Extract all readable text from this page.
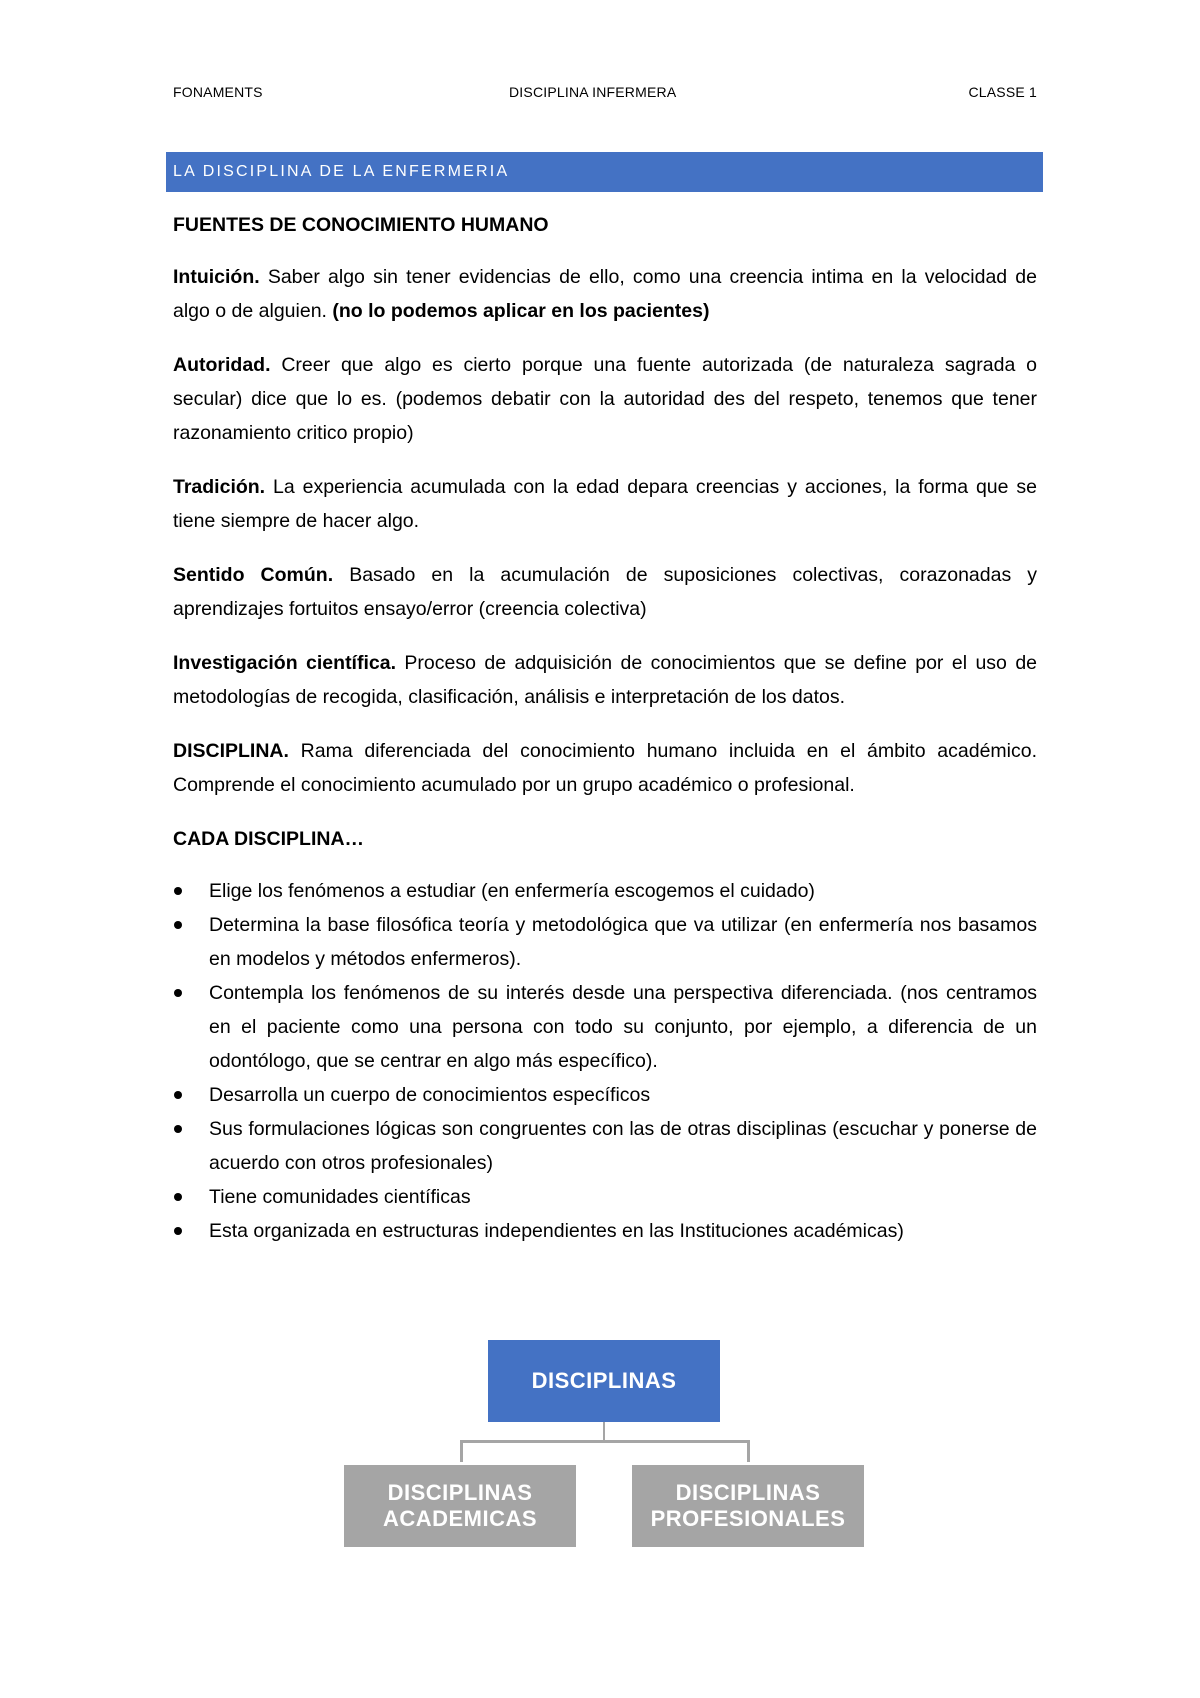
FONAMENTS	DISCIPLINA INFERMERA	CLASSE 1
LA DISCIPLINA DE LA ENFERMERIA

FUENTES DE CONOCIMIENTO HUMANO

Intuición. Saber algo sin tener evidencias de ello, como una creencia intima en la velocidad de algo o de alguien. (no lo podemos aplicar en los pacientes)

Autoridad. Creer que algo es cierto porque una fuente autorizada (de naturaleza sagrada o secular) dice que lo es. (podemos debatir con la autoridad des del respeto, tenemos que tener razonamiento critico propio)

Tradición. La experiencia acumulada con la edad depara creencias y acciones, la forma que se tiene siempre de hacer algo.

Sentido Común. Basado en la acumulación de suposiciones colectivas, corazonadas y aprendizajes fortuitos ensayo/error (creencia colectiva)

Investigación científica. Proceso de adquisición de conocimientos que se define por el uso de metodologías de recogida, clasificación, análisis e interpretación de los datos.

DISCIPLINA. Rama diferenciada del conocimiento humano incluida en el ámbito académico. Comprende el conocimiento acumulado por un grupo académico o profesional.

CADA DISCIPLINA…

Elige los fenómenos a estudiar (en enfermería escogemos el cuidado)
Determina la base filosófica teoría y metodológica que va utilizar (en enfermería nos basamos en modelos y métodos enfermeros).
Contempla los fenómenos de su interés desde una perspectiva diferenciada. (nos centramos en el paciente como una persona con todo su conjunto, por ejemplo, a diferencia de un odontólogo, que se centrar en algo más específico).
Desarrolla un cuerpo de conocimientos específicos
Sus formulaciones lógicas son congruentes con las de otras disciplinas (escuchar y ponerse de acuerdo con otros profesionales)
Tiene comunidades científicas
Esta organizada en estructuras independientes en las Instituciones académicas)
DISCIPLINAS
DISCIPLINAS ACADEMICAS
DISCIPLINAS PROFESIONALES
